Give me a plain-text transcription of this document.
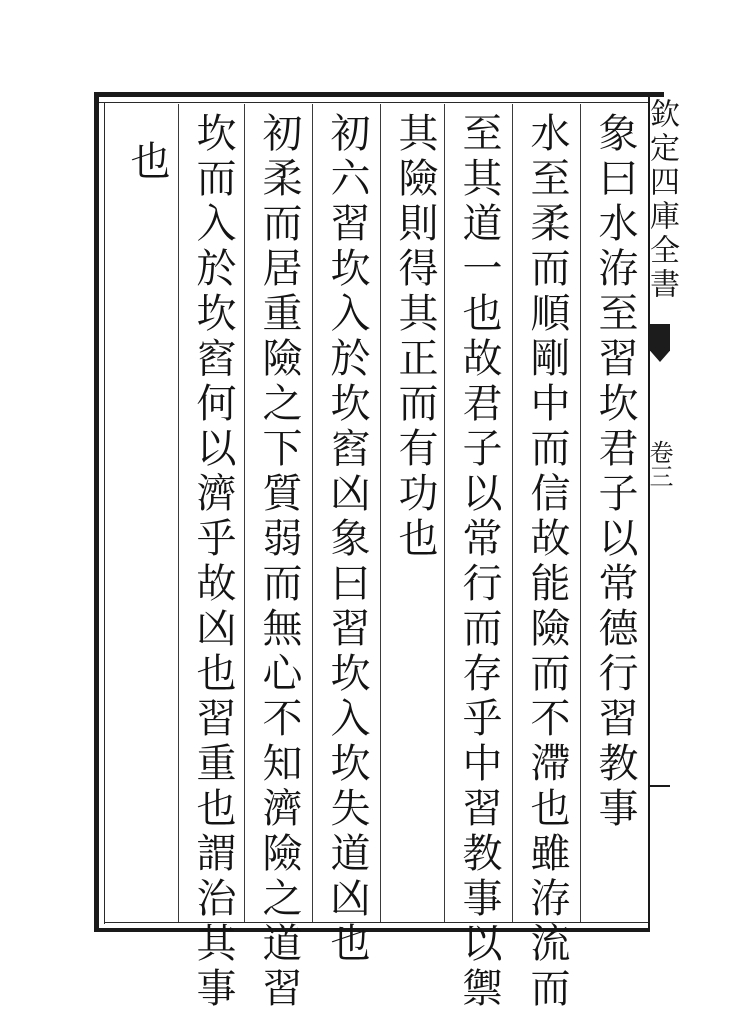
象曰水洊至習坎君子以常德行習教事
水至柔而順剛中而信故能險而不滯也雖洊流而
至其道一也故君子以常行而存乎中習教事以禦
其險則得其正而有功也
初六習坎入於坎窞凶象曰習坎入坎失道凶也
初柔而居重險之下質弱而無心不知濟險之道習
坎而入於坎窞何以濟乎故凶也習重也謂治其事
也	欽定四庫全書
卷三
